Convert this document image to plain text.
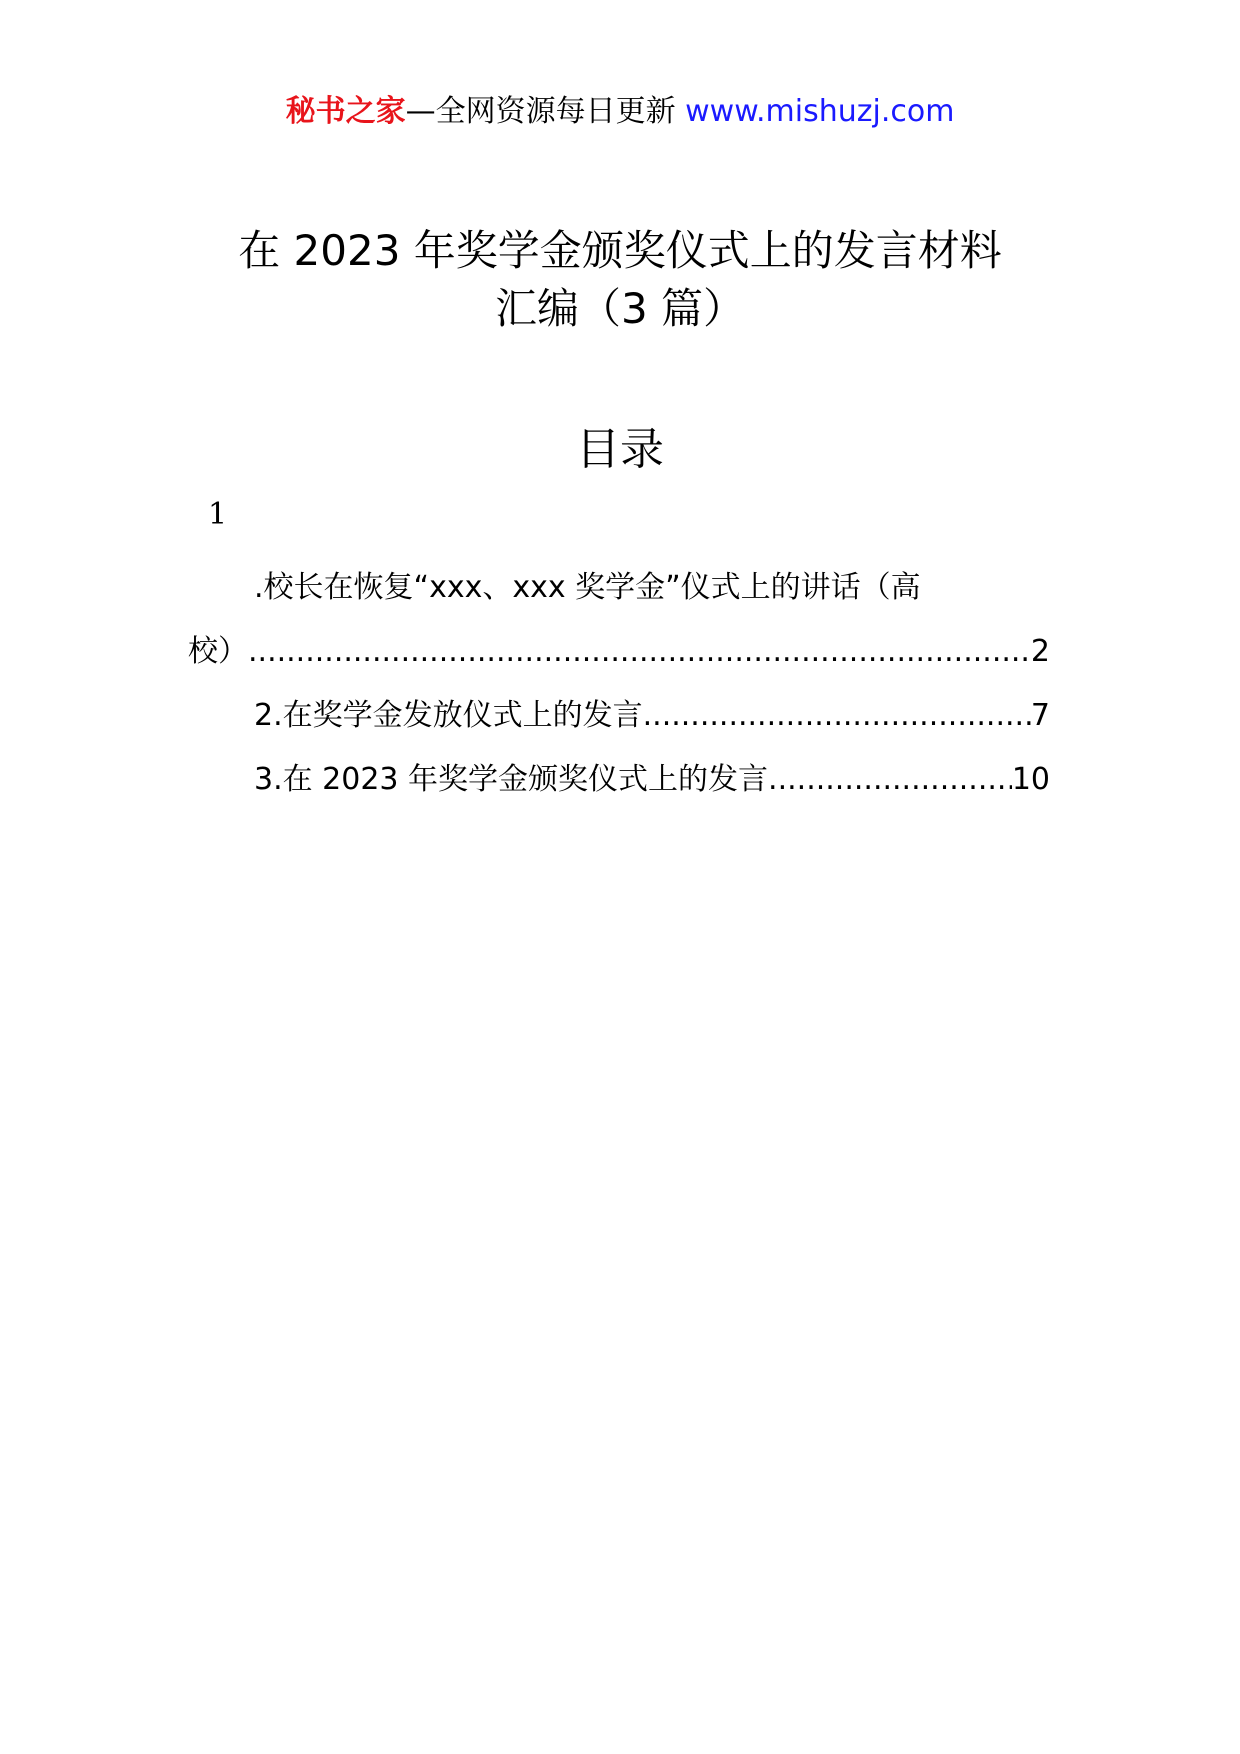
秘书之家—全网资源每日更新 www.mishuzj.com
在 2023 年奖学金颁奖仪式上的发言材料
汇编（3 篇）
目录
1
.校长在恢复“xxx、xxx 奖学金”仪式上的讲话（高
校） .....	2
2.在奖学金发放仪式上的发言 .....	7
3.在 2023 年奖学金颁奖仪式上的发言 .....	10
